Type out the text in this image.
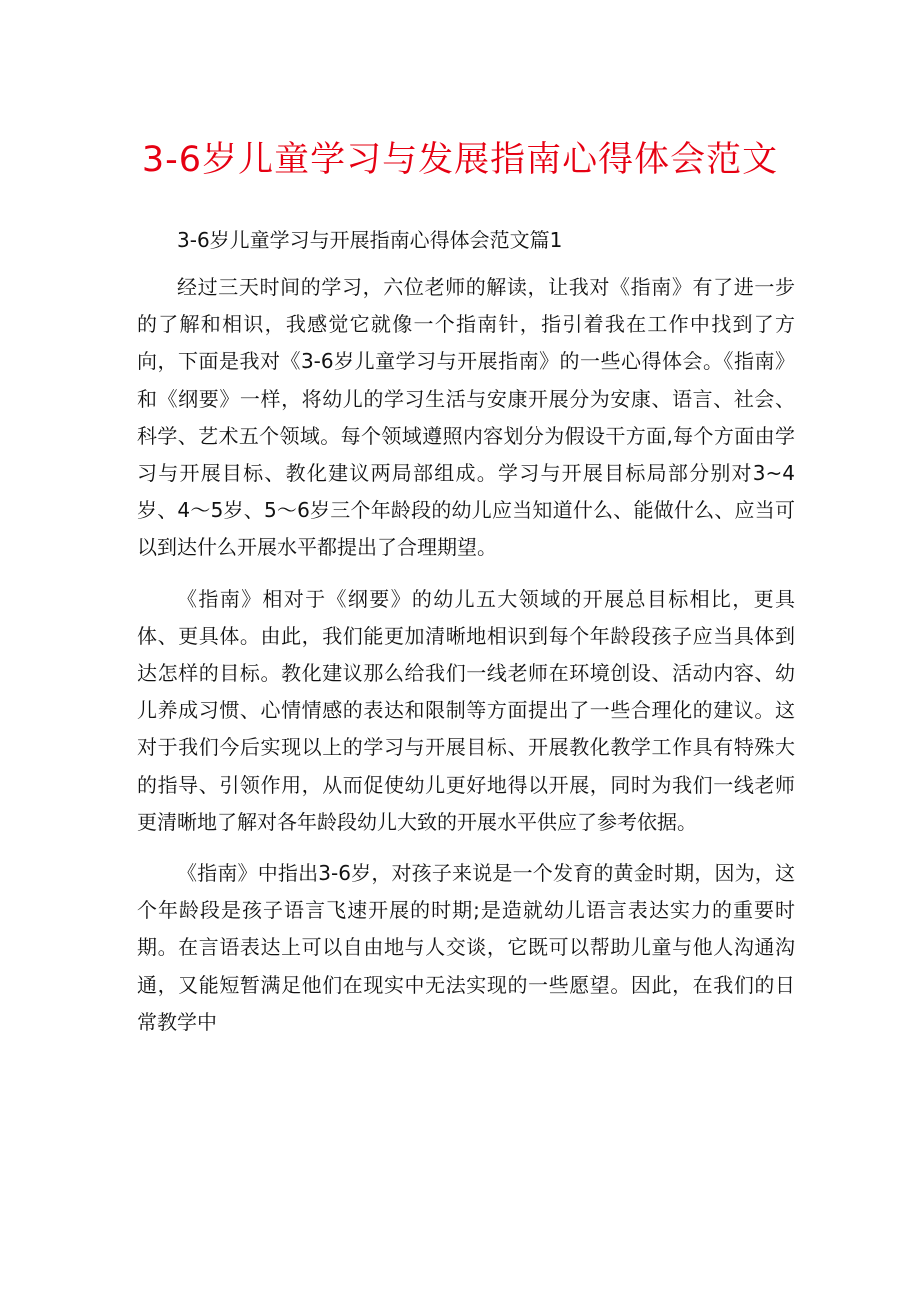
3-6岁儿童学习与发展指南心得体会范文

3-6岁儿童学习与开展指南心得体会范文篇1

经过三天时间的学习，六位老师的解读，让我对《指南》有了进一步的了解和相识，我感觉它就像一个指南针，指引着我在工作中找到了方向，下面是我对《3-6岁儿童学习与开展指南》的一些心得体会。《指南》和《纲要》一样，将幼儿的学习生活与安康开展分为安康、语言、社会、科学、艺术五个领域。每个领域遵照内容划分为假设干方面,每个方面由学习与开展目标、教化建议两局部组成。学习与开展目标局部分别对3~4岁、4～5岁、5～6岁三个年龄段的幼儿应当知道什么、能做什么、应当可以到达什么开展水平都提出了合理期望。

《指南》相对于《纲要》的幼儿五大领域的开展总目标相比，更具体、更具体。由此，我们能更加清晰地相识到每个年龄段孩子应当具体到达怎样的目标。教化建议那么给我们一线老师在环境创设、活动内容、幼儿养成习惯、心情情感的表达和限制等方面提出了一些合理化的建议。这对于我们今后实现以上的学习与开展目标、开展教化教学工作具有特殊大的指导、引领作用，从而促使幼儿更好地得以开展，同时为我们一线老师更清晰地了解对各年龄段幼儿大致的开展水平供应了参考依据。

《指南》中指出3-6岁，对孩子来说是一个发育的黄金时期，因为，这个年龄段是孩子语言飞速开展的时期;是造就幼儿语言表达实力的重要时期。在言语表达上可以自由地与人交谈，它既可以帮助儿童与他人沟通沟通，又能短暂满足他们在现实中无法实现的一些愿望。因此，在我们的日常教学中
